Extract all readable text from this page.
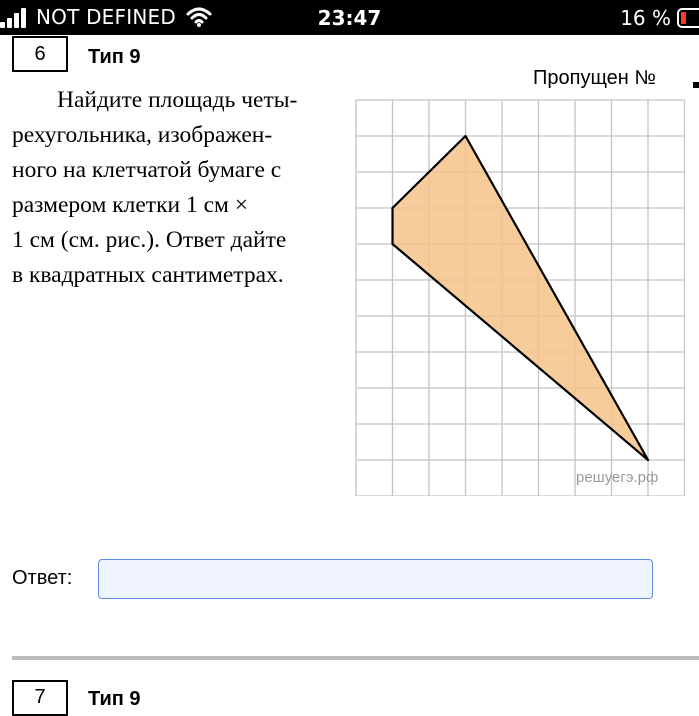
NOT DEFINED	23:47	16 %
6	Тип 9
Пропущен №
Найдите площадь четы-
рехугольника, изображен-
ного на клетчатой бумаге с
размером клетки 1 см ×
1 см (см. рис.). Ответ дайте
в квадратных сантиметрах.
решуегэ.рф
Ответ:
7	Тип 9
